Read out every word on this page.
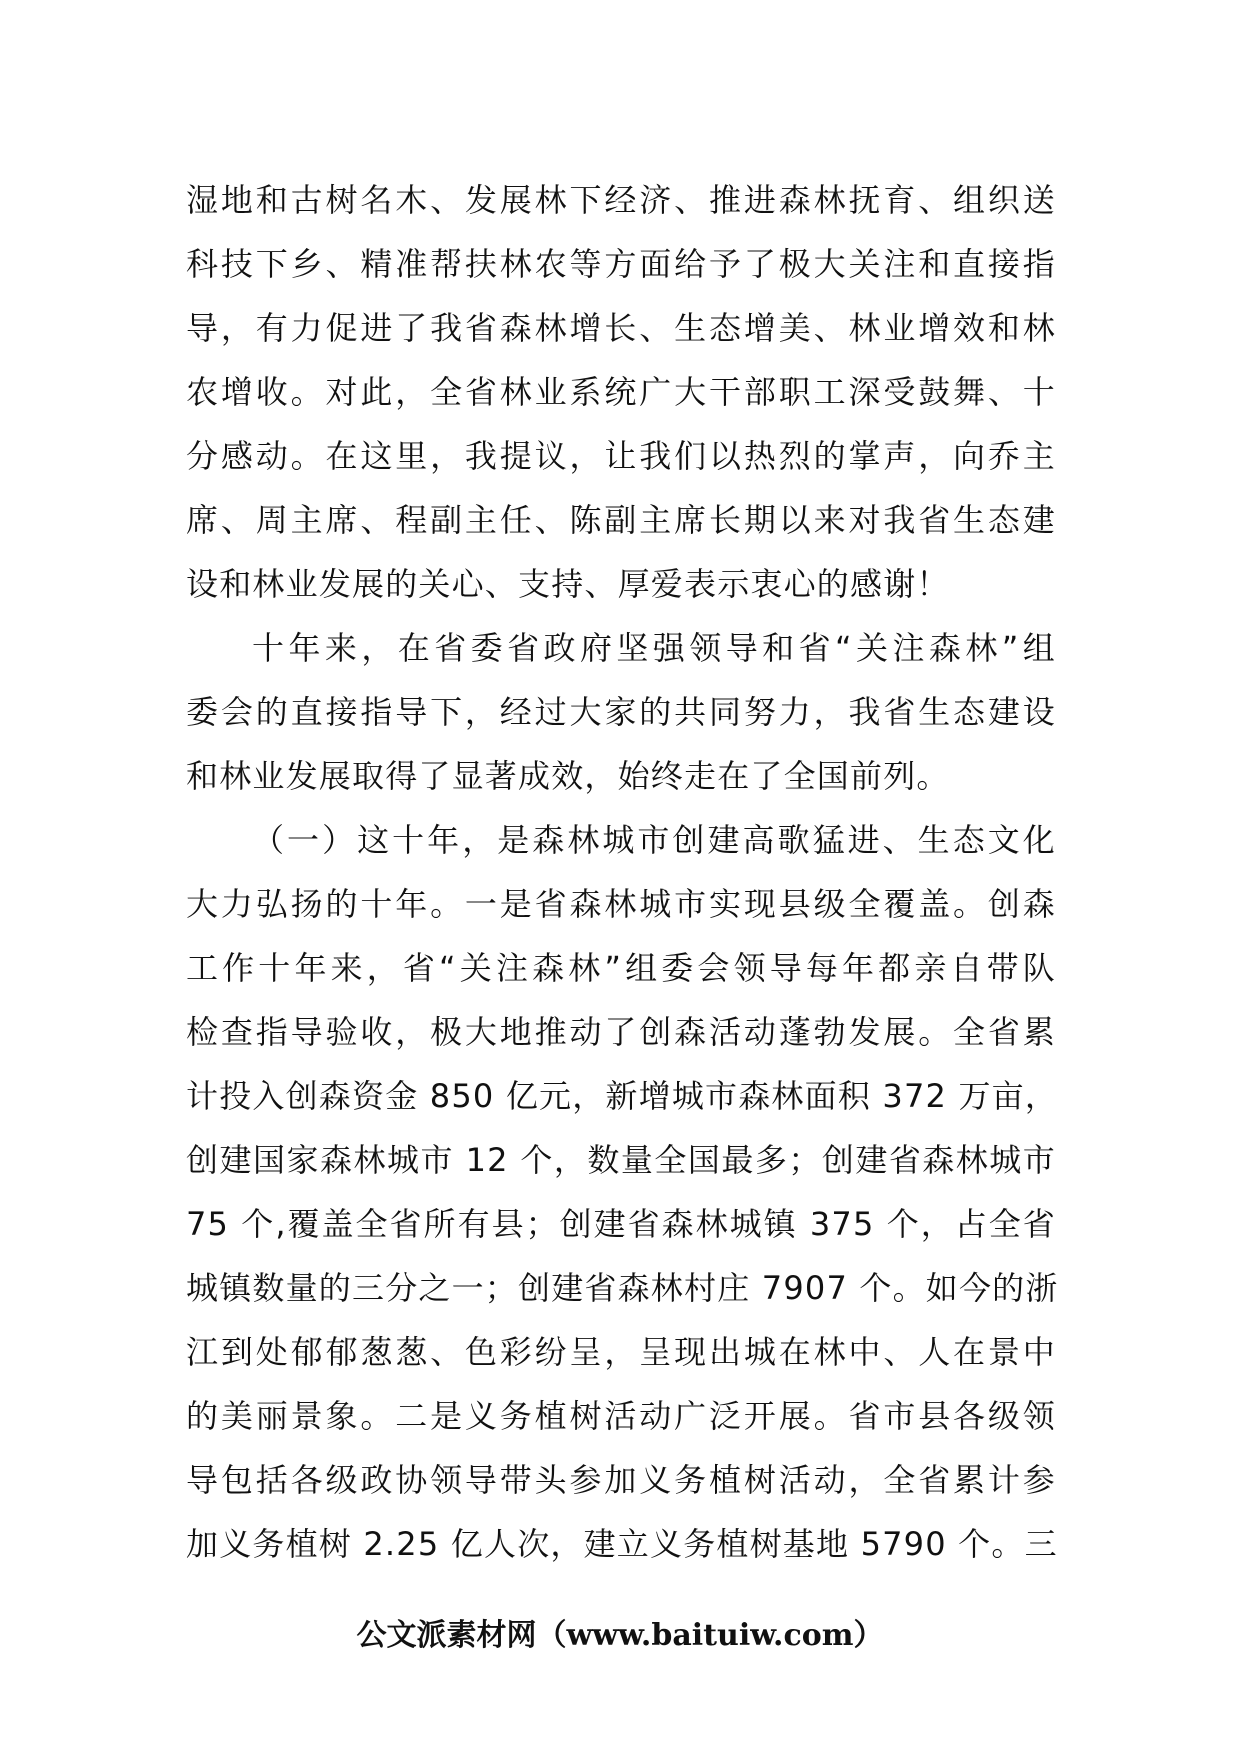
湿地和古树名木、发展林下经济、推进森林抚育、组织送
科技下乡、精准帮扶林农等方面给予了极大关注和直接指
导，有力促进了我省森林增长、生态增美、林业增效和林
农增收。对此，全省林业系统广大干部职工深受鼓舞、十
分感动。在这里，我提议，让我们以热烈的掌声，向乔主
席、周主席、程副主任、陈副主席长期以来对我省生态建
设和林业发展的关心、支持、厚爱表示衷心的感谢！
十年来，在省委省政府坚强领导和省“关注森林”组
委会的直接指导下，经过大家的共同努力，我省生态建设
和林业发展取得了显著成效，始终走在了全国前列。
（一）这十年，是森林城市创建高歌猛进、生态文化
大力弘扬的十年。一是省森林城市实现县级全覆盖。创森
工作十年来，省“关注森林”组委会领导每年都亲自带队
检查指导验收，极大地推动了创森活动蓬勃发展。全省累
计投入创森资金 850 亿元，新增城市森林面积 372 万亩，
创建国家森林城市 12 个，数量全国最多；创建省森林城市
75 个,覆盖全省所有县；创建省森林城镇 375 个，占全省
城镇数量的三分之一；创建省森林村庄 7907 个。如今的浙
江到处郁郁葱葱、色彩纷呈，呈现出城在林中、人在景中
的美丽景象。二是义务植树活动广泛开展。省市县各级领
导包括各级政协领导带头参加义务植树活动，全省累计参
加义务植树 2.25 亿人次，建立义务植树基地 5790 个。三
公文派素材网（www.baituiw.com）
